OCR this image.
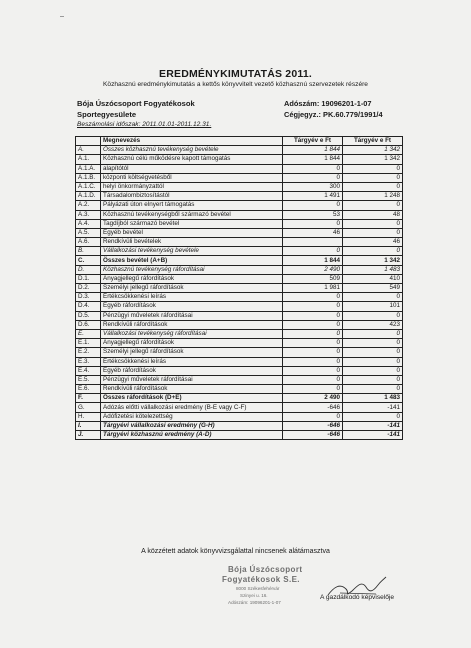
EREDMÉNYKIMUTATÁS 2011.
Közhasznú eredménykimutatás a kettős könyvvitelt vezető közhasznú szervezetek részére
Bója Úszócsoport Fogyatékosok
Sportegyesülete
Beszámolási időszak: 2011.01.01-2011.12.31.
Adószám: 19096201-1-07
Cégjegyz.: PK.60.779/1991/4
	Megnevezés	Tárgyév e Ft	Tárgyév e Ft
A.	Összes közhasznú tevékenység bevétele	1 844	1 342
A.1.	Közhasznú célú működésre kapott támogatás	1 844	1 342
A.1.A.	alapítótól	0	0
A.1.B.	központi költségvetésből	0	0
A.1.C.	helyi önkormányzattól	300	0
A.1.D.	Társadalombiztosítástól	1 491	1 248
A.2.	Pályázati úton elnyert támogatás	0	0
A.3.	Közhasznú tevékenységből származó bevétel	53	48
A.4.	Tagdíjból származó bevétel	0	0
A.5.	Egyéb bevétel	46	0
A.6.	Rendkívüli bevételek		46
B.	Vállalkozási tevékenység bevétele	0	0
C.	Összes bevétel (A+B)	1 844	1 342
D.	Közhasznú tevékenység ráfordításai	2 490	1 483
D.1.	Anyagjellegű ráfordítások	509	410
D.2.	Személyi jellegű ráfordítások	1 981	549
D.3.	Értékcsökkenési leírás	0	0
D.4.	Egyéb ráfordítások	0	101
D.5.	Pénzügyi műveletek ráfordításai	0	0
D.6.	Rendkívüli ráfordítások	0	423
E.	Vállalkozási tevékenység ráfordításai	0	0
E.1.	Anyagjellegű ráfordítások	0	0
E.2.	Személyi jellegű ráfordítások	0	0
E.3.	Értékcsökkenési leírás	0	0
E.4.	Egyéb ráfordítások	0	0
E.5.	Pénzügyi műveletek ráfordításai	0	0
E.6.	Rendkívüli ráfordítások	0	0
F.	Összes ráfordítások (D+E)	2 490	1 483
G.	Adózás előtti vállalkozási eredmény (B-E vagy C-F)	-646	-141
H.	Adófizetési kötelezettség	0	0
I.	Tárgyévi vállalkozási eredmény (G-H)	-646	-141
J.	Tárgyévi közhasznú eredmény (A-D)	-646	-141
A közzétett adatok könyvvizsgálattal nincsenek alátámasztva
Bója Úszócsoport
Fogyatékosok S.E.
8000 Székesfehérvár
Szinyei u. 16.
Adószám: 19096201-1-07
A gazdálkodó képviselője
